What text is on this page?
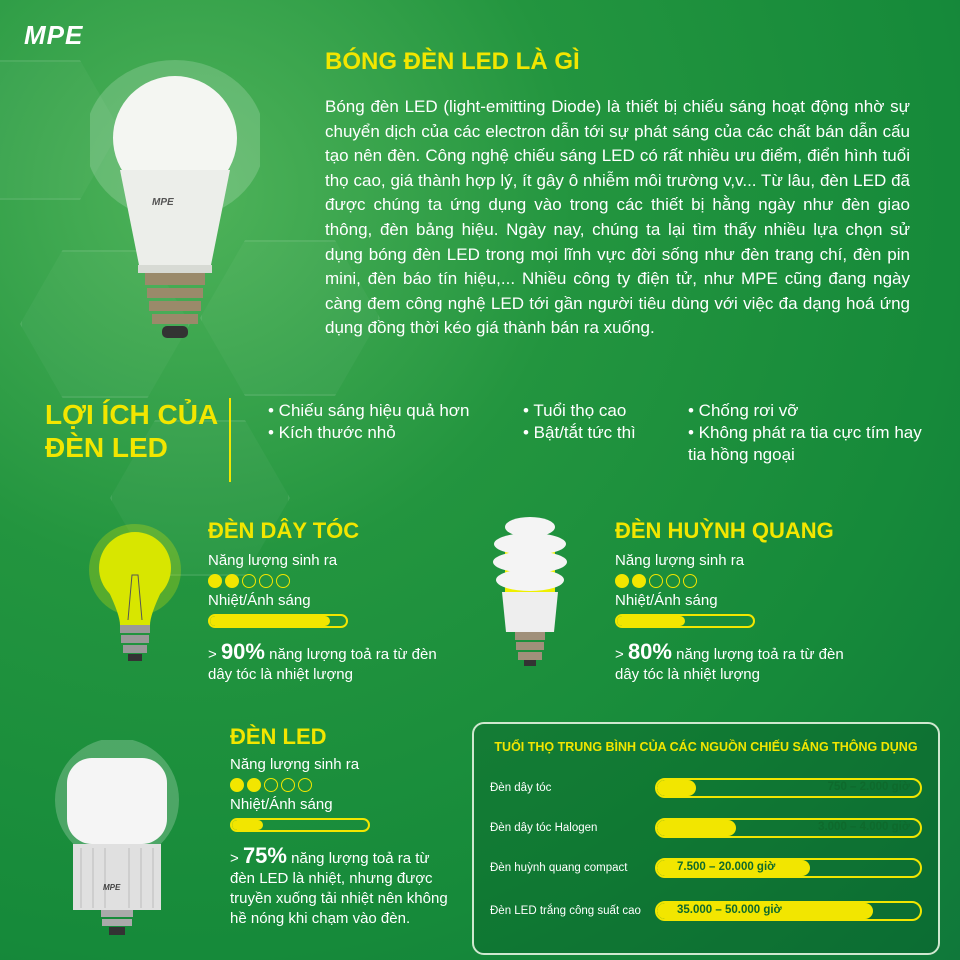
MPE
MPE
BÓNG ĐÈN LED LÀ GÌ
Bóng đèn LED (light-emitting Diode) là thiết bị chiếu sáng hoạt động nhờ sự chuyển dịch của các electron dẫn tới sự phát sáng của các chất bán dẫn cấu tạo nên đèn. Công nghệ chiếu sáng LED có rất nhiều ưu điểm, điển hình tuổi thọ cao, giá thành hợp lý, ít gây ô nhiễm môi trường v,v... Từ lâu, đèn LED đã được chúng ta ứng dụng vào trong các thiết bị hằng ngày như đèn giao thông, đèn bảng hiệu. Ngày nay, chúng ta lại tìm thấy nhiều lựa chọn sử dụng bóng đèn LED trong mọi lĩnh vực đời sống như đèn trang chí, đèn pin mini, đèn báo tín hiệu,... Nhiều công ty điện tử, như MPE cũng đang ngày càng đem công nghệ LED tới gần người tiêu dùng với việc đa dạng hoá ứng dụng đồng thời kéo giá thành bán ra xuống.
LỢI ÍCH CỦA ĐÈN LED
• Chiếu sáng hiệu quả hơn
• Kích thước nhỏ
• Tuổi thọ cao
• Bật/tắt tức thì
• Chống rơi vỡ
• Không phát ra tia cực tím hay tia hồng ngoại
MPE
ĐÈN DÂY TÓC
Năng lượng sinh ra
Nhiệt/Ánh sáng
> 90% năng lượng toả ra từ đèn dây tóc là nhiệt lượng
ĐÈN HUỲNH QUANG
Năng lượng sinh ra
Nhiệt/Ánh sáng
> 80% năng lượng toả ra từ đèn dây tóc là nhiệt lượng
ĐÈN LED
Năng lượng sinh ra
Nhiệt/Ánh sáng
> 75% năng lượng toả ra từ đèn LED là nhiệt, nhưng được truyền xuống tải nhiệt nên không hề nóng khi chạm vào đèn.
TUỔI THỌ TRUNG BÌNH CỦA CÁC NGUỒN CHIẾU SÁNG THÔNG DỤNG
Đèn dây tóc	750 – 2.000 giờ
Đèn dây tóc Halogen	3.000 – 4.000 giờ
Đèn huỳnh quang compact	7.500 – 20.000 giờ
Đèn LED trắng công suất cao	35.000 – 50.000 giờ
